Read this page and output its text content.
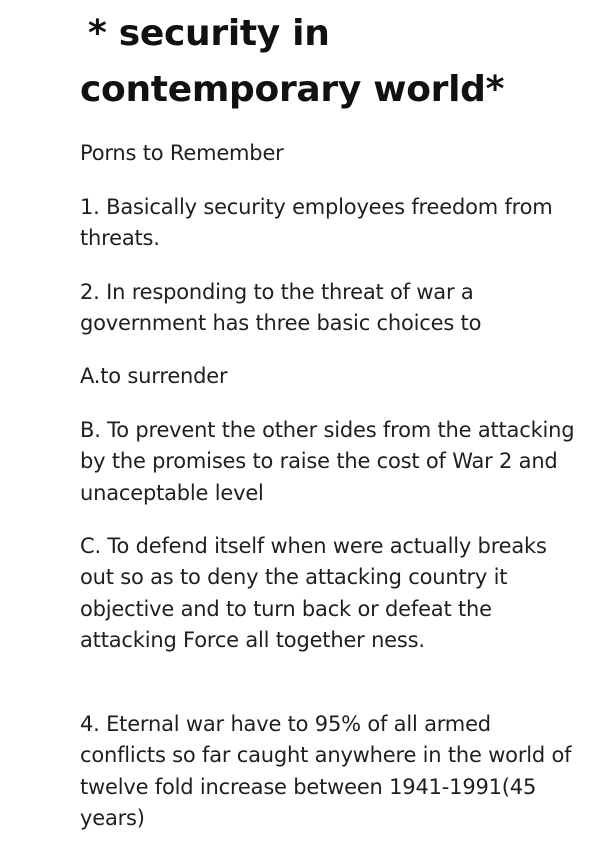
* security in
contemporary world*

Porns to Remember

1. Basically security employees freedom from threats.

2. In responding to the threat of war a government has three basic choices to

A.to surrender

B. To prevent the other sides from the attacking by the promises to raise the cost of War 2 and unaceptable level

C. To defend itself when were actually breaks out so as to deny the attacking country it objective and to turn back or defeat the attacking Force all together ness.

4. Eternal war have to 95% of all armed conflicts so far caught anywhere in the world of twelve fold increase between 1941-1991(45 years)
